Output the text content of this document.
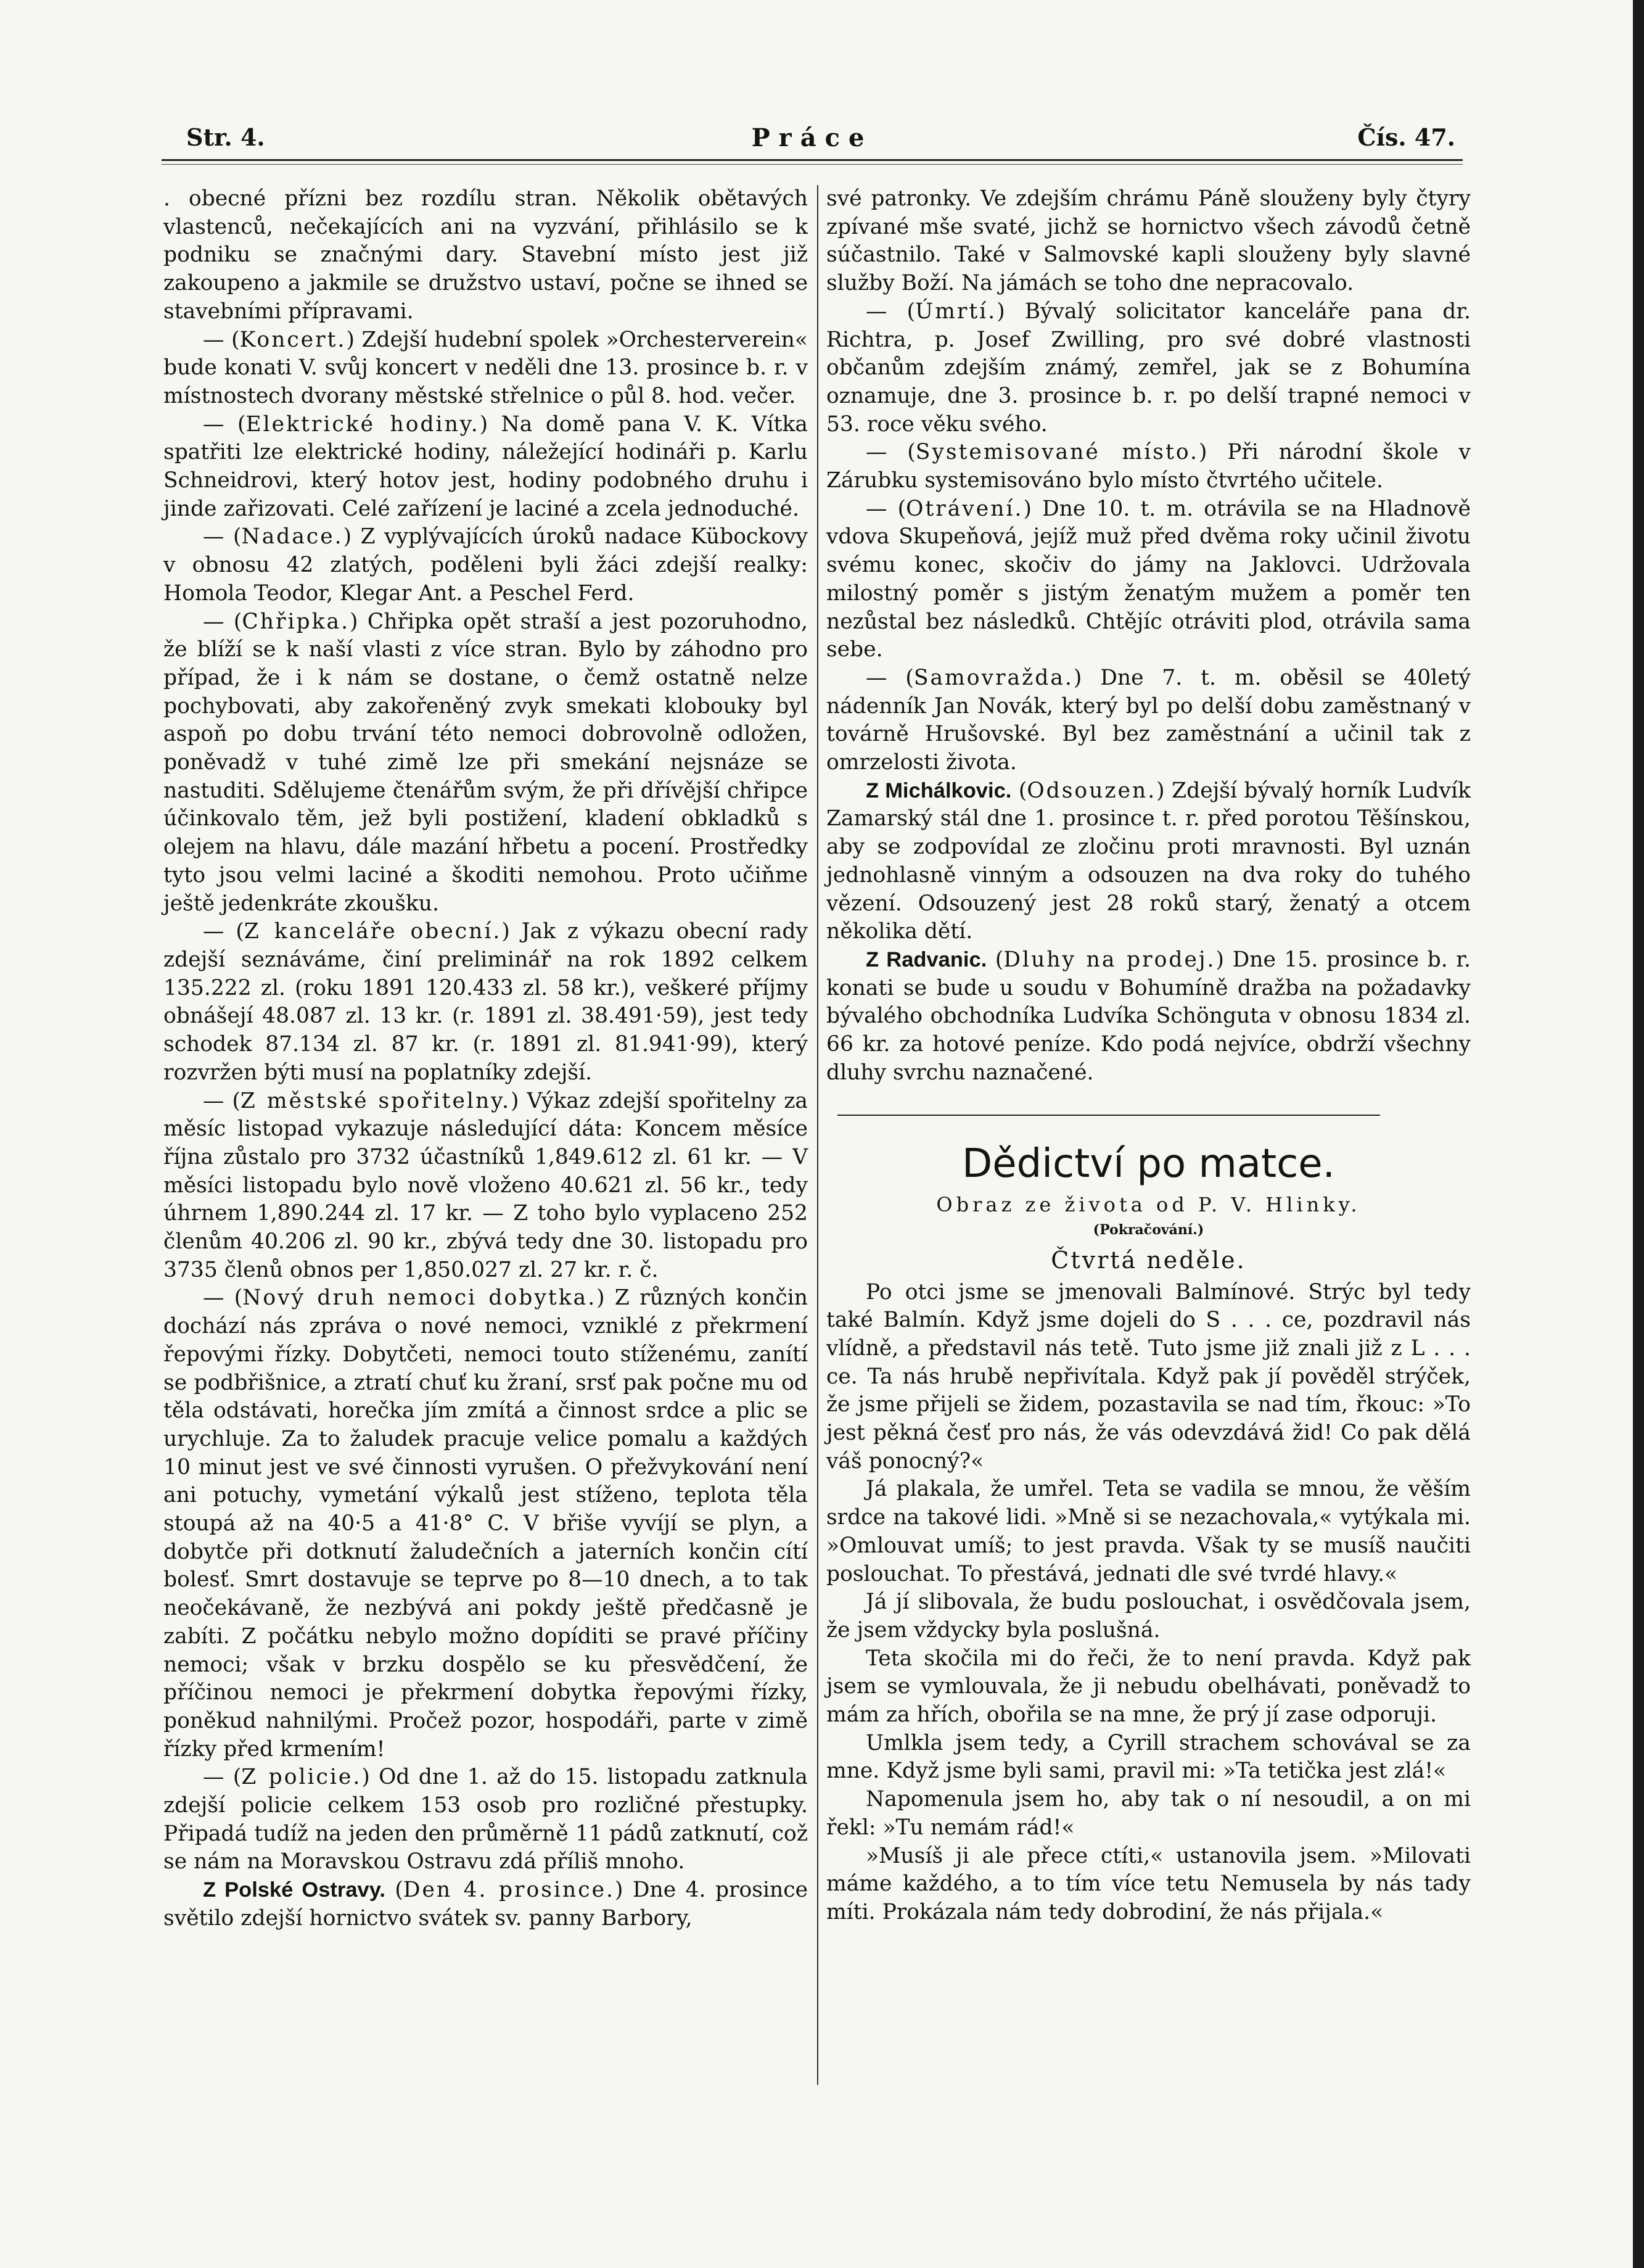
Str. 4.	Práce	Čís. 47.

. obecné přízni bez rozdílu stran. Několik obětavých vlastenců, nečekajících ani na vyzvání, přihlásilo se k podniku se značnými dary. Stavební místo jest již zakoupeno a jakmile se družstvo ustaví, počne se ihned se stavebními přípravami.

— (Koncert.) Zdejší hudební spolek »Orchesterverein« bude konati V. svůj koncert v neděli dne 13. prosince b. r. v místnostech dvorany městské střelnice o půl 8. hod. večer.

— (Elektrické hodiny.) Na domě pana V. K. Vítka spatřiti lze elektrické hodiny, náležející hodináři p. Karlu Schneidrovi, který hotov jest, hodiny podobného druhu i jinde zařizovati. Celé zařízení je laciné a zcela jednoduché.

— (Nadace.) Z vyplývajících úroků nadace Kübockovy v obnosu 42 zlatých, poděleni byli žáci zdejší realky: Homola Teodor, Klegar Ant. a Peschel Ferd.

— (Chřipka.) Chřipka opět straší a jest pozoruhodno, že blíží se k naší vlasti z více stran. Bylo by záhodno pro případ, že i k nám se dostane, o čemž ostatně nelze pochybovati, aby zakořeněný zvyk smekati klobouky byl aspoň po dobu trvání této nemoci dobrovolně odložen, poněvadž v tuhé zimě lze při smekání nejsnáze se nastuditi. Sdělujeme čtenářům svým, že při dřívější chřipce účinkovalo těm, jež byli postižení, kladení obkladků s olejem na hlavu, dále mazání hřbetu a pocení. Prostředky tyto jsou velmi laciné a škoditi nemohou. Proto učiňme ještě jedenkráte zkoušku.

— (Z kanceláře obecní.) Jak z výkazu obecní rady zdejší seznáváme, činí preliminář na rok 1892 celkem 135.222 zl. (roku 1891 120.433 zl. 58 kr.), veškeré příjmy obnášejí 48.087 zl. 13 kr. (r. 1891 zl. 38.491·59), jest tedy schodek 87.134 zl. 87 kr. (r. 1891 zl. 81.941·99), který rozvržen býti musí na poplatníky zdejší.

— (Z městské spořitelny.) Výkaz zdejší spořitelny za měsíc listopad vykazuje následující dáta: Koncem měsíce října zůstalo pro 3732 účastníků 1,849.612 zl. 61 kr. — V měsíci listopadu bylo nově vloženo 40.621 zl. 56 kr., tedy úhrnem 1,890.244 zl. 17 kr. — Z toho bylo vyplaceno 252 členům 40.206 zl. 90 kr., zbývá tedy dne 30. listopadu pro 3735 členů obnos per 1,850.027 zl. 27 kr. r. č.

— (Nový druh nemoci dobytka.) Z různých končin dochází nás zpráva o nové nemoci, vzniklé z překrmení řepovými řízky. Dobytčeti, nemoci touto stíženému, zanítí se podbřišnice, a ztratí chuť ku žraní, srsť pak počne mu od těla odstávati, horečka jím zmítá a činnost srdce a plic se urychluje. Za to žaludek pracuje velice pomalu a každých 10 minut jest ve své činnosti vyrušen. O přežvykování není ani potuchy, vymetání výkalů jest stíženo, teplota těla stoupá až na 40·5 a 41·8° C. V břiše vyvíjí se plyn, a dobytče při dotknutí žaludečních a jaterních končin cítí bolesť. Smrt dostavuje se teprve po 8—10 dnech, a to tak neočekávaně, že nezbývá ani pokdy ještě předčasně je zabíti. Z počátku nebylo možno dopíditi se pravé příčiny nemoci; však v brzku dospělo se ku přesvědčení, že příčinou nemoci je překrmení dobytka řepovými řízky, poněkud nahnilými. Pročež pozor, hospodáři, parte v zimě řízky před krmením!

— (Z policie.) Od dne 1. až do 15. listopadu zatknula zdejší policie celkem 153 osob pro rozličné přestupky. Připadá tudíž na jeden den průměrně 11 pádů zatknutí, což se nám na Moravskou Ostravu zdá příliš mnoho.

Z Polské Ostravy. (Den 4. prosince.) Dne 4. prosince světilo zdejší hornictvo svátek sv. panny Barbory,

své patronky. Ve zdejším chrámu Páně slouženy byly čtyry zpívané mše svaté, jichž se hornictvo všech závodů četně súčastnilo. Také v Salmovské kapli slouženy byly slavné služby Boží. Na jámách se toho dne nepracovalo.

— (Úmrtí.) Bývalý solicitator kanceláře pana dr. Richtra, p. Josef Zwilling, pro své dobré vlastnosti občanům zdejším známý, zemřel, jak se z Bohumína oznamuje, dne 3. prosince b. r. po delší trapné nemoci v 53. roce věku svého.

— (Systemisované místo.) Při národní škole v Zárubku systemisováno bylo místo čtvrtého učitele.

— (Otrávení.) Dne 10. t. m. otrávila se na Hladnově vdova Skupeňová, jejíž muž před dvěma roky učinil životu svému konec, skočiv do jámy na Jaklovci. Udržovala milostný poměr s jistým ženatým mužem a poměr ten nezůstal bez následků. Chtějíc otráviti plod, otrávila sama sebe.

— (Samovražda.) Dne 7. t. m. oběsil se 40letý nádenník Jan Novák, který byl po delší dobu zaměstnaný v továrně Hrušovské. Byl bez zaměstnání a učinil tak z omrzelosti života.

Z Michálkovic. (Odsouzen.) Zdejší bývalý horník Ludvík Zamarský stál dne 1. prosince t. r. před porotou Těšínskou, aby se zodpovídal ze zločinu proti mravnosti. Byl uznán jednohlasně vinným a odsouzen na dva roky do tuhého vězení. Odsouzený jest 28 roků starý, ženatý a otcem několika dětí.

Z Radvanic. (Dluhy na prodej.) Dne 15. prosince b. r. konati se bude u soudu v Bohumíně dražba na požadavky bývalého obchodníka Ludvíka Schönguta v obnosu 1834 zl. 66 kr. za hotové peníze. Kdo podá nejvíce, obdrží všechny dluhy svrchu naznačené.

Dědictví po matce.
Obraz ze života od P. V. Hlinky.
(Pokračování.)
Čtvrtá neděle.

Po otci jsme se jmenovali Balmínové. Strýc byl tedy také Balmín. Když jsme dojeli do S . . . ce, pozdravil nás vlídně, a představil nás tetě. Tuto jsme již znali již z L . . . ce. Ta nás hrubě nepřivítala. Když pak jí pověděl strýček, že jsme přijeli se židem, pozastavila se nad tím, řkouc: »To jest pěkná česť pro nás, že vás odevzdává žid! Co pak dělá váš ponocný?«

Já plakala, že umřel. Teta se vadila se mnou, že věším srdce na takové lidi. »Mně si se nezachovala,« vytýkala mi. »Omlouvat umíš; to jest pravda. Však ty se musíš naučiti poslouchat. To přestává, jednati dle své tvrdé hlavy.«

Já jí slibovala, že budu poslouchat, i osvědčovala jsem, že jsem vždycky byla poslušná.

Teta skočila mi do řeči, že to není pravda. Když pak jsem se vymlouvala, že ji nebudu obelhávati, poněvadž to mám za hřích, obořila se na mne, že prý jí zase odporuji.

Umlkla jsem tedy, a Cyrill strachem schovával se za mne. Když jsme byli sami, pravil mi: »Ta tetička jest zlá!«

Napomenula jsem ho, aby tak o ní nesoudil, a on mi řekl: »Tu nemám rád!«

»Musíš ji ale přece ctíti,« ustanovila jsem. »Milovati máme každého, a to tím více tetu Nemusela by nás tady míti. Prokázala nám tedy dobrodiní, že nás přijala.«
